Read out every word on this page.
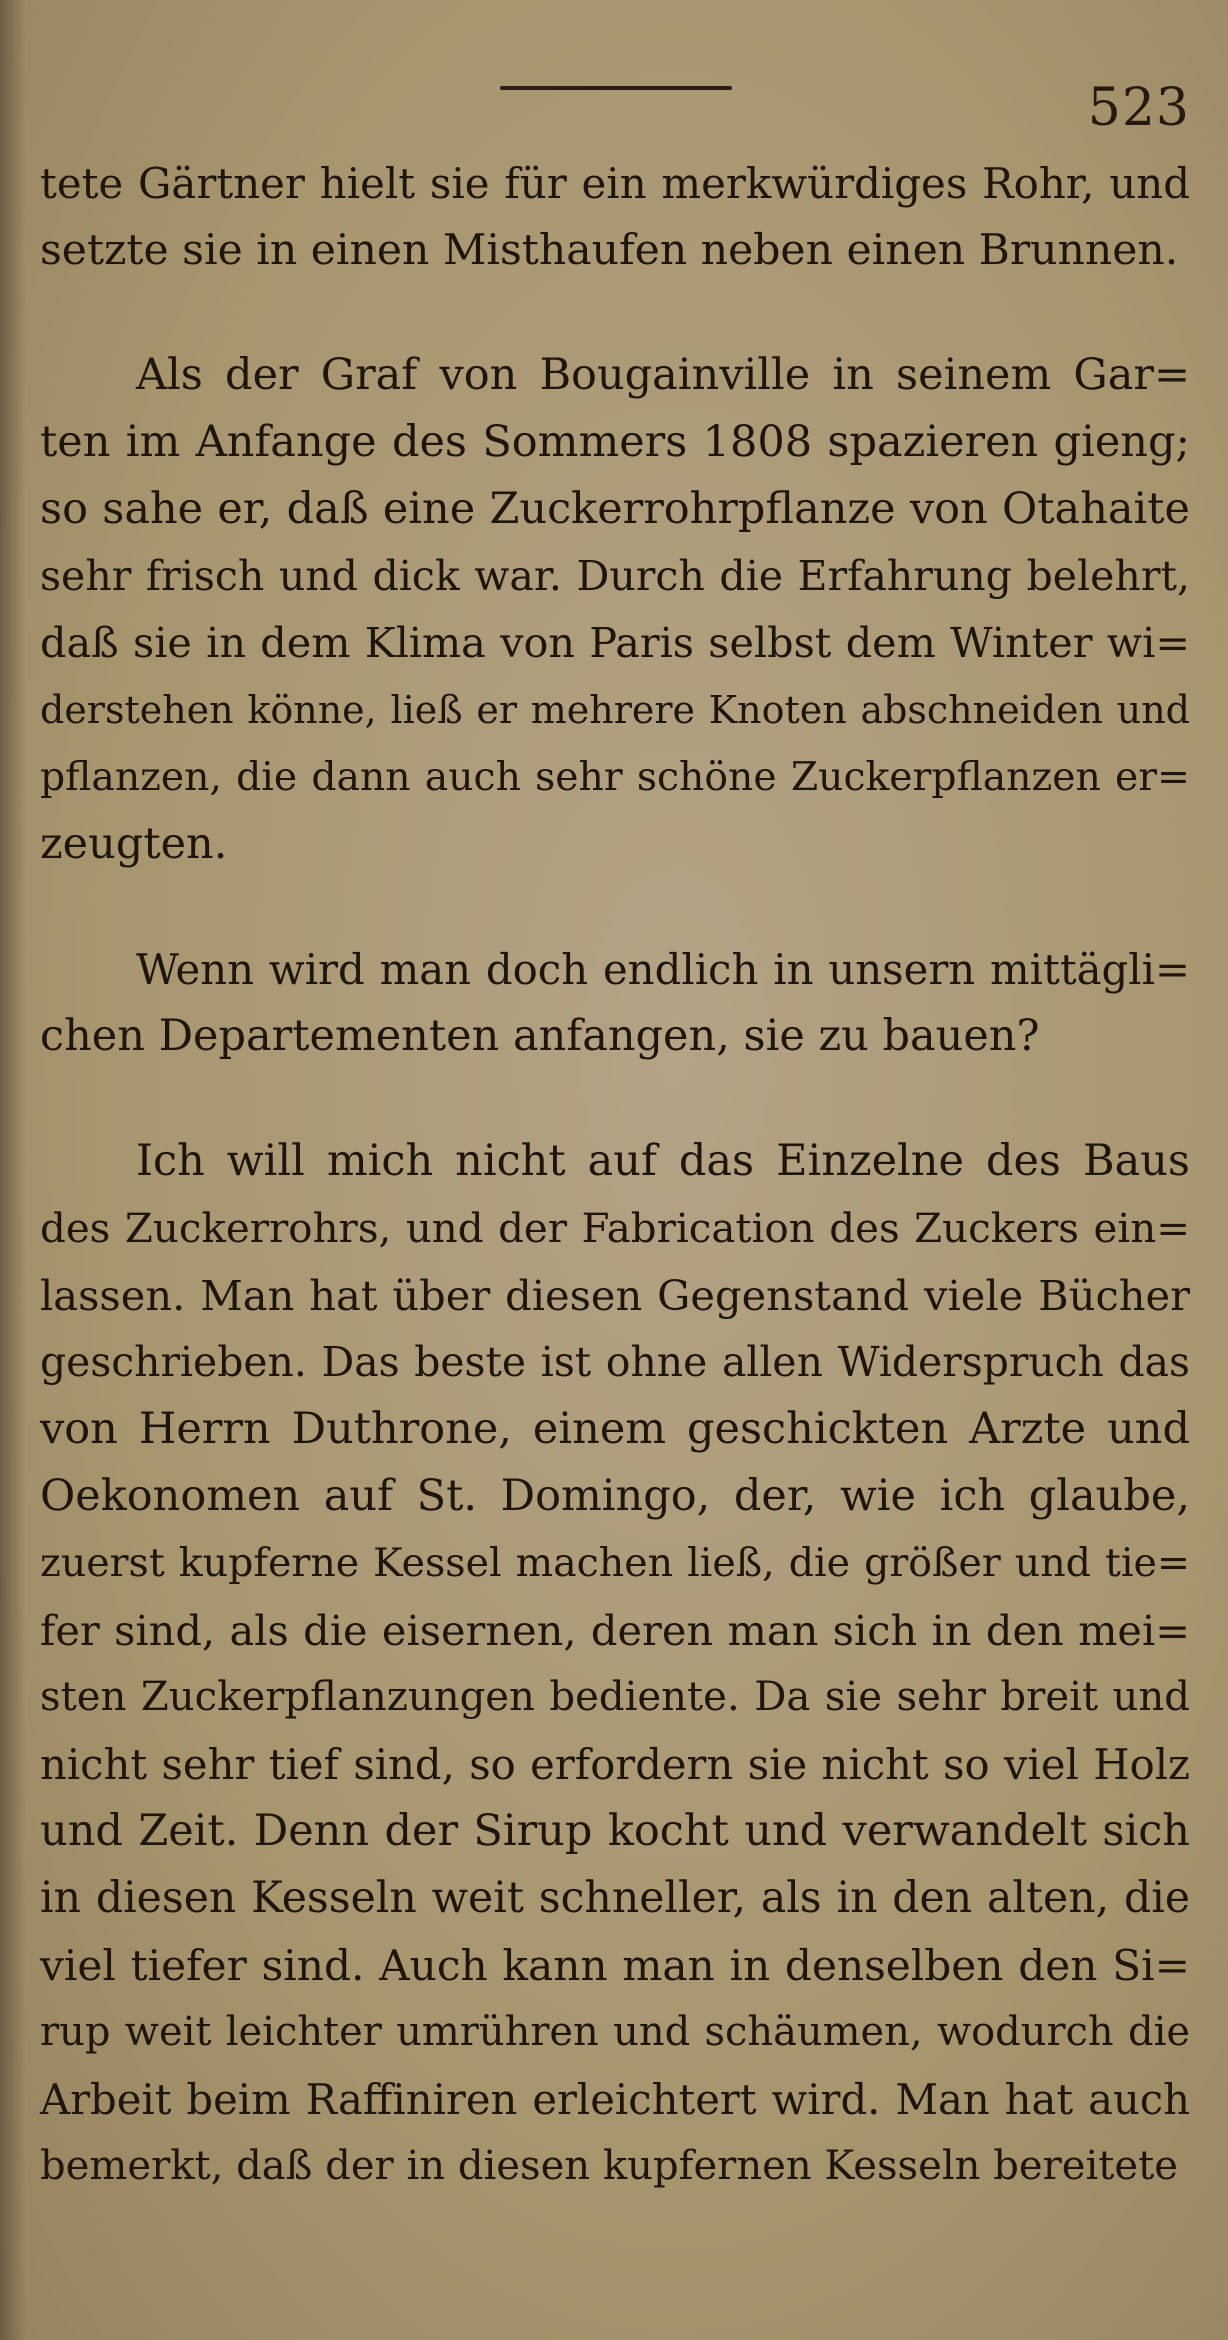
523
tete Gärtner hielt sie für ein merkwürdiges Rohr, und
setzte sie in einen Misthaufen neben einen Brunnen.
Als der Graf von Bougainville in seinem Gar=
ten im Anfange des Sommers 1808 spazieren gieng;
so sahe er, daß eine Zuckerrohrpflanze von Otahaite
sehr frisch und dick war. Durch die Erfahrung belehrt,
daß sie in dem Klima von Paris selbst dem Winter wi=
derstehen könne, ließ er mehrere Knoten abschneiden und
pflanzen, die dann auch sehr schöne Zuckerpflanzen er=
zeugten.
Wenn wird man doch endlich in unsern mittägli=
chen Departementen anfangen, sie zu bauen?
Ich will mich nicht auf das Einzelne des Baus
des Zuckerrohrs, und der Fabrication des Zuckers ein=
lassen. Man hat über diesen Gegenstand viele Bücher
geschrieben. Das beste ist ohne allen Widerspruch das
von Herrn Duthrone, einem geschickten Arzte und
Oekonomen auf St. Domingo, der, wie ich glaube,
zuerst kupferne Kessel machen ließ, die größer und tie=
fer sind, als die eisernen, deren man sich in den mei=
sten Zuckerpflanzungen bediente. Da sie sehr breit und
nicht sehr tief sind, so erfordern sie nicht so viel Holz
und Zeit. Denn der Sirup kocht und verwandelt sich
in diesen Kesseln weit schneller, als in den alten, die
viel tiefer sind. Auch kann man in denselben den Si=
rup weit leichter umrühren und schäumen, wodurch die
Arbeit beim Raffiniren erleichtert wird. Man hat auch
bemerkt, daß der in diesen kupfernen Kesseln bereitete
